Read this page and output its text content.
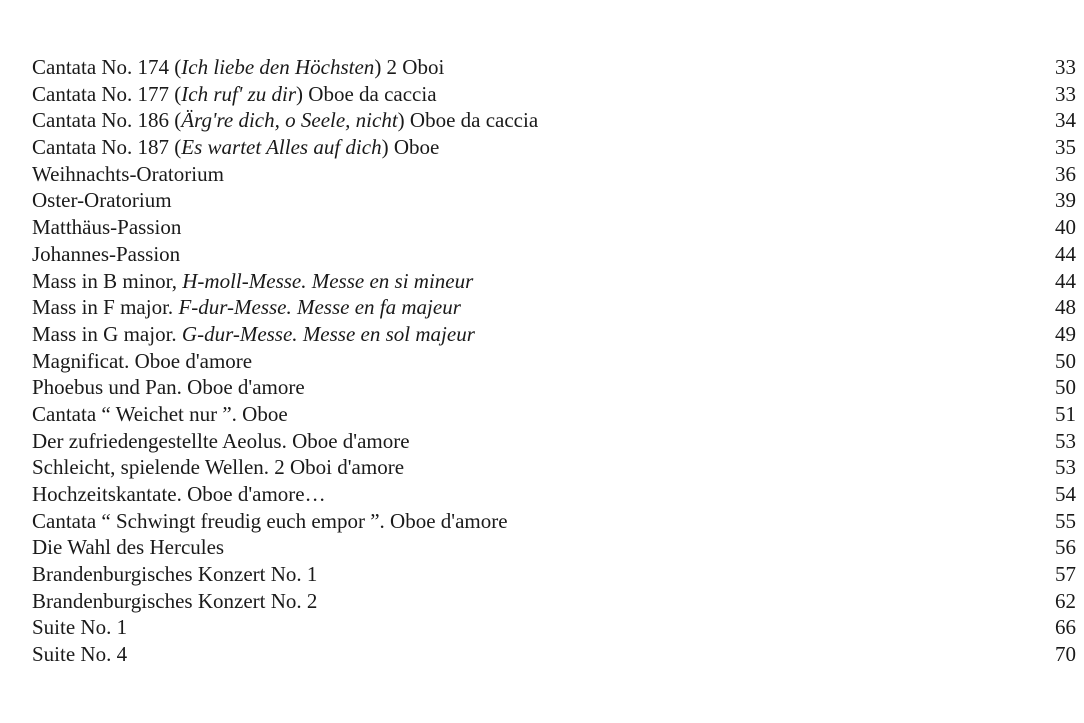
Cantata No. 174 (Ich liebe den Höchsten) 2 Oboi	33
Cantata No. 177 (Ich ruf' zu dir) Oboe da caccia	33
Cantata No. 186 (Ärg're dich, o Seele, nicht) Oboe da caccia	34
Cantata No. 187 (Es wartet Alles auf dich) Oboe	35
Weihnachts-Oratorium	36
Oster-Oratorium	39
Matthäus-Passion	40
Johannes-Passion	44
Mass in B minor, H-moll-Messe. Messe en si mineur	44
Mass in F major. F-dur-Messe. Messe en fa majeur	48
Mass in G major. G-dur-Messe. Messe en sol majeur	49
Magnificat. Oboe d'amore	50
Phoebus und Pan. Oboe d'amore	50
Cantata “ Weichet nur ”. Oboe	51
Der zufriedengestellte Aeolus. Oboe d'amore	53
Schleicht, spielende Wellen. 2 Oboi d'amore	53
Hochzeitskantate. Oboe d'amore…	54
Cantata “ Schwingt freudig euch empor ”. Oboe d'amore	55
Die Wahl des Hercules	56
Brandenburgisches Konzert No. 1	57
Brandenburgisches Konzert No. 2	62
Suite No. 1	66
Suite No. 4	70
